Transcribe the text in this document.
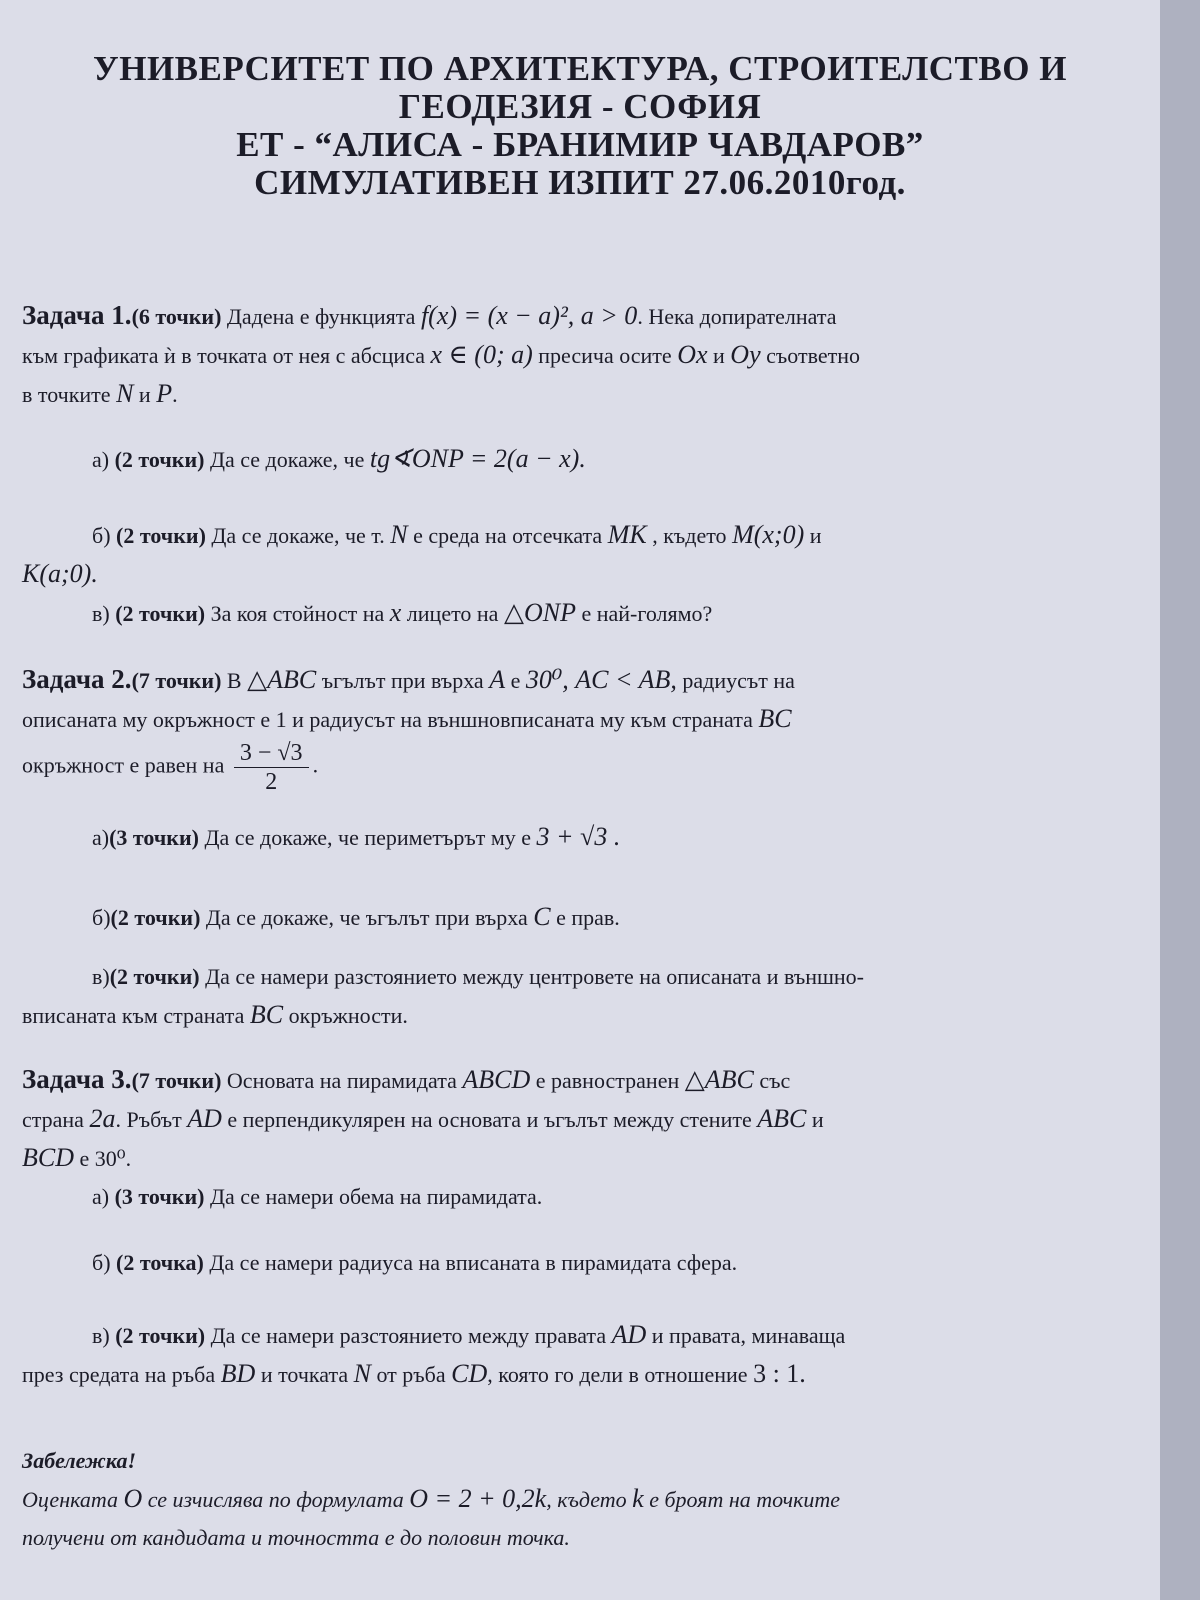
УНИВЕРСИТЕТ ПО АРХИТЕКТУРА, СТРОИТЕЛСТВО И
ГЕОДЕЗИЯ - СОФИЯ
ЕТ - “АЛИСА - БРАНИМИР ЧАВДАРОВ”
СИМУЛАТИВЕН ИЗПИТ 27.06.2010год.
Задача 1.(6 точки) Дадена е функцията f(x) = (x − a)², a > 0. Нека допирателната
към графиката ѝ в точката от нея с абсциса x ∈ (0; a) пресича осите Ox и Oy съответно
в точките N и P.
а) (2 точки) Да се докаже, че tg∢ONP = 2(a − x).
б) (2 точки) Да се докаже, че т. N е среда на отсечката MK , където M(x;0) и
K(a;0).
в) (2 точки) За коя стойност на x лицето на △ONP е най-голямо?
Задача 2.(7 точки) В △ABC ъгълът при върха A е 30⁰, AC < AB, радиусът на
описаната му окръжност е 1 и радиусът на външновписаната му към страната BC
окръжност е равен на $\frac{3 - √3}{2}$ .
а)(3 точки) Да се докаже, че периметърът му е 3 + √3 .
б)(2 точки) Да се докаже, че ъгълът при върха C е прав.
в)(2 точки) Да се намери разстоянието между центровете на описаната и външно-
вписаната към страната BC окръжности.
Задача 3.(7 точки) Основата на пирамидата ABCD е равностранен △ABC със
страна 2a. Ръбът AD е перпендикулярен на основата и ъгълът между стените ABC и
BCD е 30⁰.
а) (3 точки) Да се намери обема на пирамидата.
б) (2 точка) Да се намери радиуса на вписаната в пирамидата сфера.
в) (2 точки) Да се намери разстоянието между правата AD и правата, минаваща
през средата на ръба BD и точката N от ръба CD, която го дели в отношение 3 : 1.
Забележка!
Оценката O се изчислява по формулата O = 2 + 0,2k, където k е броят на точките
получени от кандидата и точността е до половин точка.
